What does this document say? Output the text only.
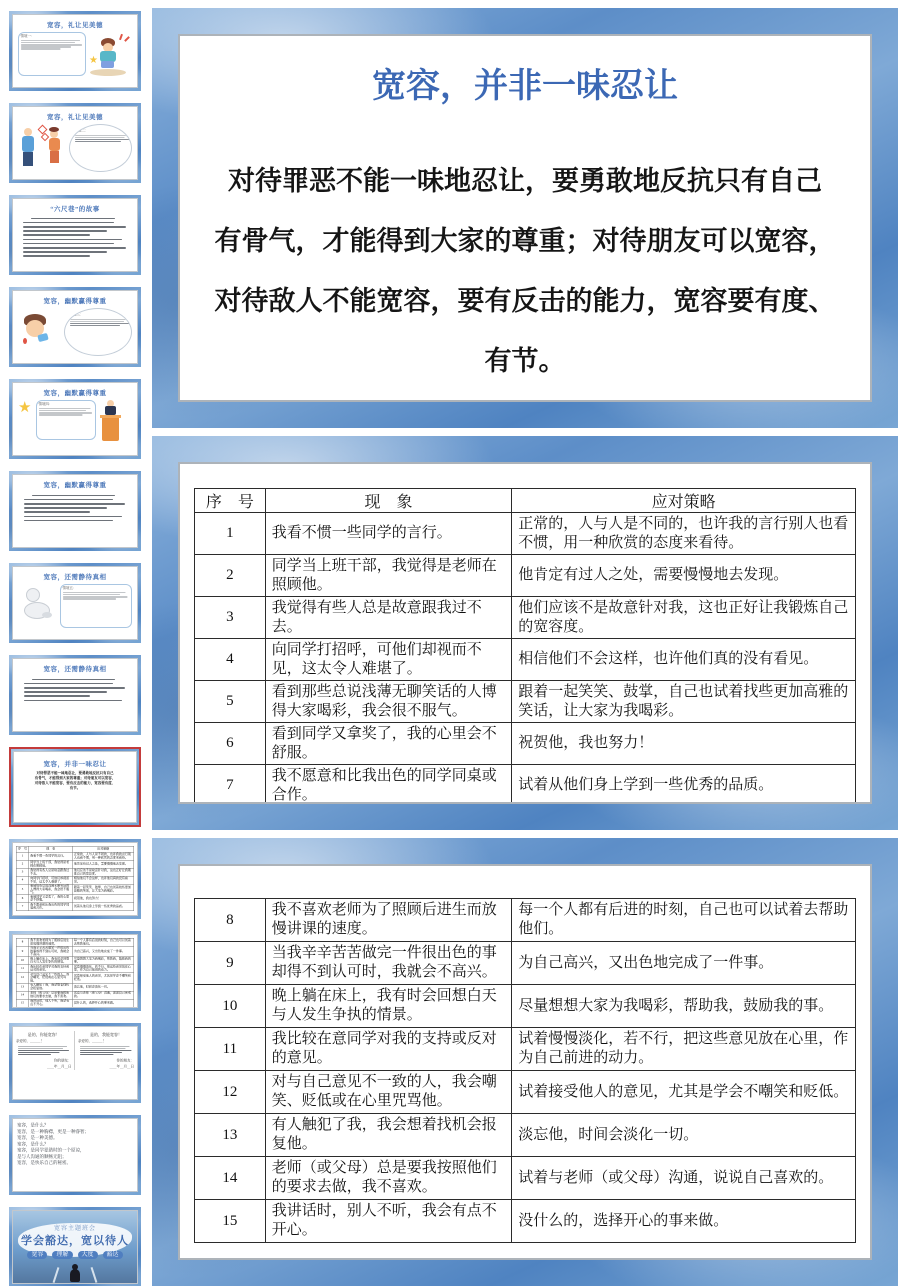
宽容，礼让见美德
情境一：
★
宽容，礼让见美德
情境二：
“六尺巷”的故事
宽容，幽默赢得尊重
情境三：
宽容，幽默赢得尊重
★	情境四：
宽容，幽默赢得尊重
宽容，还需静待真相
情境五：
宽容，还需静待真相
宽容，并非一味忍让
对待罪恶不能一味地忍让，要勇敢地反抗只有自己
有骨气，才能得到大家的尊重；对待朋友可以宽容，
对待敌人不能宽容，要有反击的能力，宽容要有度、
有节。
序　号	现　象	应对策略
1	我看不惯一些同学的言行。	正常的，人与人是不同的，也许我的言行别人也看不惯，用一种欣赏的态度来看待。
2	同学当上班干部，我觉得是老师在照顾他。	他肯定有过人之处，需要慢慢地去发现。
3	我觉得有些人总是故意跟我过不去。	他们应该不是故意针对我，这也正好让我锻炼自己的宽容度。
4	向同学打招呼，可他们却视而不见，这太令人难堪了。	相信他们不会这样，也许他们真的没有看见。
5	看到那些总说浅薄无聊笑话的人博得大家喝彩，我会很不服气。	跟着一起笑笑、鼓掌，自己也试着找些更加高雅的笑话，让大家为我喝彩。
6	看到同学又拿奖了，我的心里会不舒服。	祝贺他，我也努力！
7	我不愿意和比我出色的同学同桌或合作。	试着从他们身上学到一些优秀的品质。
8	我不喜欢老师为了照顾后进生而放慢讲课的速度。	每一个人都有后进的时刻，自己也可以试着去帮助他们。
9	当我辛辛苦苦做完一件很出色的事却得不到认可时，我就会不高兴。	为自己高兴，又出色地完成了一件事。
10	晚上躺在床上，我有时会回想白天与人发生争执的情景。	尽量想想大家为我喝彩，帮助我，鼓励我的事。
11	我比较在意同学对我的支持或反对的意见。	试着慢慢淡化，若不行，把这些意见放在心里，作为自己前进的动力。
12	对与自己意见不一致的人，我会嘲笑、贬低或在心里咒骂他。	试着接受他人的意见，尤其是学会不嘲笑和贬低。
13	有人触犯了我，我会想着找机会报复他。	淡忘他，时间会淡化一切。
14	老师（或父母）总是要我按照他们的要求去做，我不喜欢。	试着与老师（或父母）沟通，说说自己喜欢的。
15	我讲话时，别人不听，我会有点不开心。	没什么的，选择开心的事来做。
是的，你能宽容！
亲爱的，＿＿＿！
你的朋友：
＿＿年＿月＿日
是的，我能宽容！
亲爱的，＿＿＿！
你的朋友：
＿＿年＿月＿日
宽容，是什么？
宽容，是一种胸襟，更是一种睿智；
宽容，是一种美德。
宽容，是什么？
宽容，是同学犯错时的一个原谅，
是与人沟通的顺畅无阻；
宽容，是快乐自己的秘密。
宽容主题班会
学会豁达，宽以待人
宽容	理解	大度	豁达
宽容，并非一味忍让
对待罪恶不能一味地忍让，要勇敢地反抗只有自己
有骨气，才能得到大家的尊重；对待朋友可以宽容，
对待敌人不能宽容，要有反击的能力，宽容要有度、
有节。
序　号	现　象	应对策略
1	我看不惯一些同学的言行。	正常的，人与人是不同的，也许我的言行别人也看不惯，用一种欣赏的态度来看待。
2	同学当上班干部，我觉得是老师在照顾他。	他肯定有过人之处，需要慢慢地去发现。
3	我觉得有些人总是故意跟我过不去。	他们应该不是故意针对我，这也正好让我锻炼自己的宽容度。
4	向同学打招呼，可他们却视而不见，这太令人难堪了。	相信他们不会这样，也许他们真的没有看见。
5	看到那些总说浅薄无聊笑话的人博得大家喝彩，我会很不服气。	跟着一起笑笑、鼓掌，自己也试着找些更加高雅的笑话，让大家为我喝彩。
6	看到同学又拿奖了，我的心里会不舒服。	祝贺他，我也努力！
7	我不愿意和比我出色的同学同桌或合作。	试着从他们身上学到一些优秀的品质。
8	我不喜欢老师为了照顾后进生而放慢讲课的速度。	每一个人都有后进的时刻，自己也可以试着去帮助他们。
9	当我辛辛苦苦做完一件很出色的事却得不到认可时，我就会不高兴。	为自己高兴，又出色地完成了一件事。
10	晚上躺在床上，我有时会回想白天与人发生争执的情景。	尽量想想大家为我喝彩，帮助我，鼓励我的事。
11	我比较在意同学对我的支持或反对的意见。	试着慢慢淡化，若不行，把这些意见放在心里，作为自己前进的动力。
12	对与自己意见不一致的人，我会嘲笑、贬低或在心里咒骂他。	试着接受他人的意见，尤其是学会不嘲笑和贬低。
13	有人触犯了我，我会想着找机会报复他。	淡忘他，时间会淡化一切。
14	老师（或父母）总是要我按照他们的要求去做，我不喜欢。	试着与老师（或父母）沟通，说说自己喜欢的。
15	我讲话时，别人不听，我会有点不开心。	没什么的，选择开心的事来做。
